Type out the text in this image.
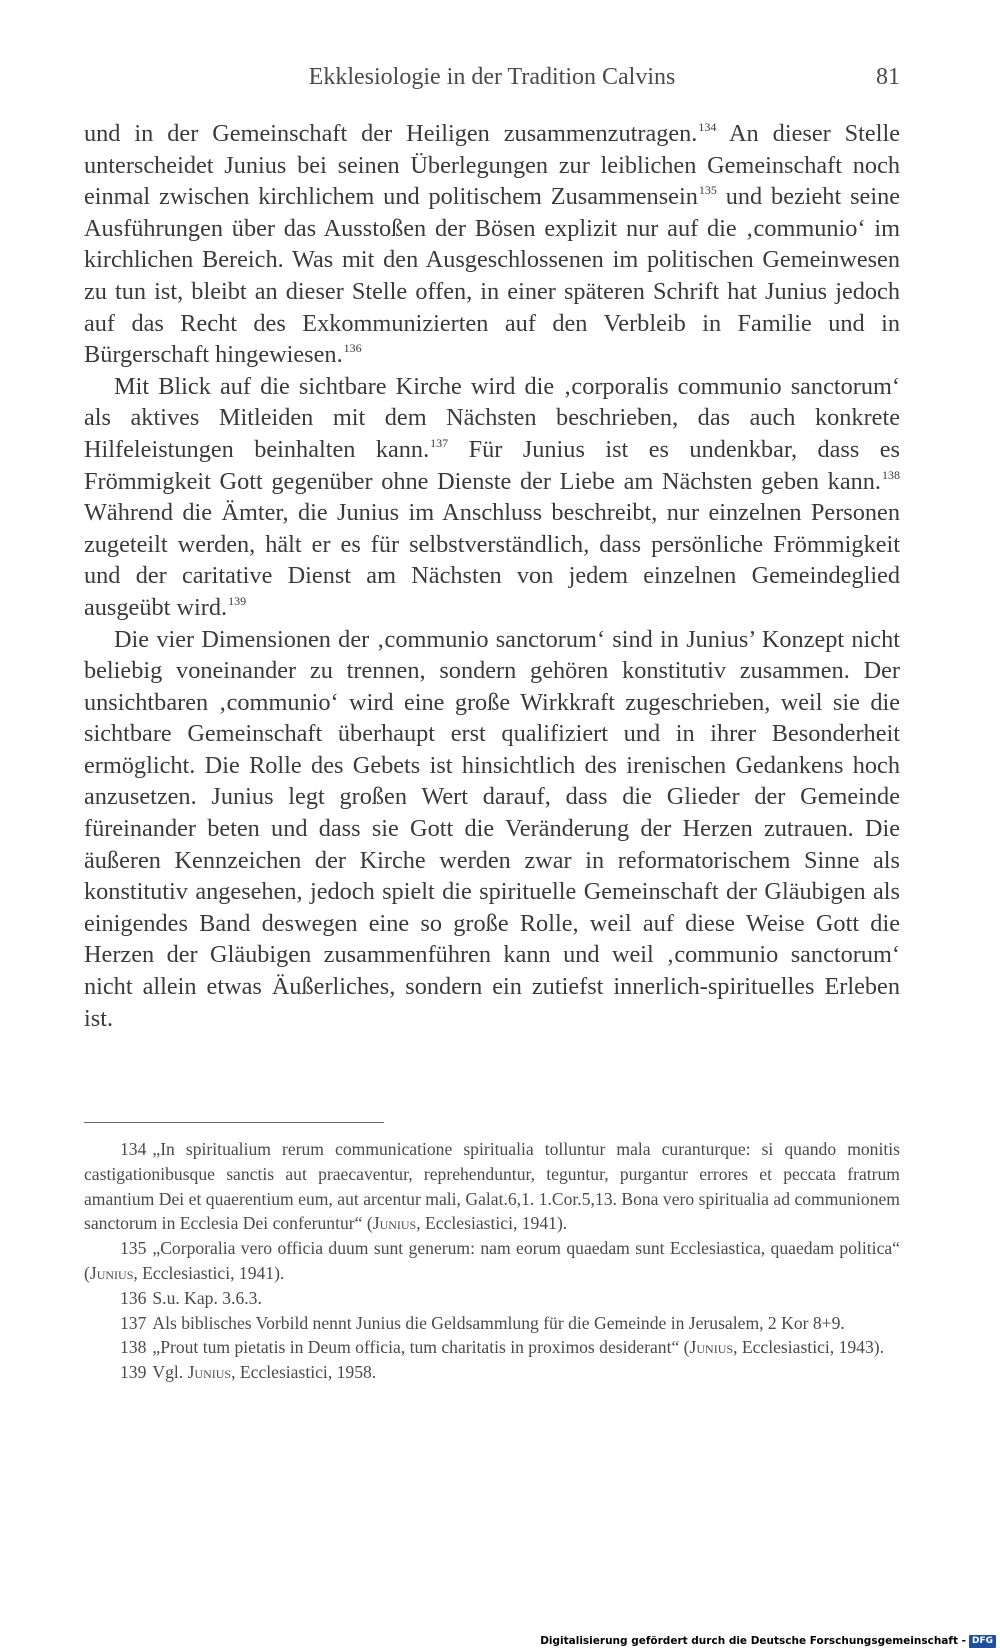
Ekklesiologie in der Tradition Calvins	81

und in der Gemeinschaft der Heiligen zusammenzutragen.$^{134}$ An dieser Stelle unterscheidet Junius bei seinen Überlegungen zur leiblichen Gemeinschaft noch einmal zwischen kirchlichem und politischem Zusammensein$^{135}$ und bezieht seine Ausführungen über das Ausstoßen der Bösen explizit nur auf die ‚communio‘ im kirchlichen Bereich. Was mit den Ausgeschlossenen im politischen Gemeinwesen zu tun ist, bleibt an dieser Stelle offen, in einer späteren Schrift hat Junius jedoch auf das Recht des Exkommunizierten auf den Verbleib in Familie und in Bürgerschaft hingewiesen.$^{136}$

Mit Blick auf die sichtbare Kirche wird die ‚corporalis communio sanctorum‘ als aktives Mitleiden mit dem Nächsten beschrieben, das auch konkrete Hilfeleistungen beinhalten kann.$^{137}$ Für Junius ist es undenkbar, dass es Frömmigkeit Gott gegenüber ohne Dienste der Liebe am Nächsten geben kann.$^{138}$ Während die Ämter, die Junius im Anschluss beschreibt, nur einzelnen Personen zugeteilt werden, hält er es für selbstverständlich, dass persönliche Frömmigkeit und der caritative Dienst am Nächsten von jedem einzelnen Gemeindeglied ausgeübt wird.$^{139}$

Die vier Dimensionen der ‚communio sanctorum‘ sind in Junius’ Konzept nicht beliebig voneinander zu trennen, sondern gehören konstitutiv zusammen. Der unsichtbaren ‚communio‘ wird eine große Wirkkraft zugeschrieben, weil sie die sichtbare Gemeinschaft überhaupt erst qualifiziert und in ihrer Besonderheit ermöglicht. Die Rolle des Gebets ist hinsichtlich des irenischen Gedankens hoch anzusetzen. Junius legt großen Wert darauf, dass die Glieder der Gemeinde füreinander beten und dass sie Gott die Veränderung der Herzen zutrauen. Die äußeren Kennzeichen der Kirche werden zwar in reformatorischem Sinne als konstitutiv angesehen, jedoch spielt die spirituelle Gemeinschaft der Gläubigen als einigendes Band deswegen eine so große Rolle, weil auf diese Weise Gott die Herzen der Gläubigen zusammenführen kann und weil ‚communio sanctorum‘ nicht allein etwas Äußerliches, sondern ein zutiefst innerlich-spirituelles Erleben ist.

134 „In spiritualium rerum communicatione spiritualia tolluntur mala curanturque: si quando monitis castigationibusque sanctis aut praecaventur, reprehenduntur, teguntur, purgantur errores et peccata fratrum amantium Dei et quaerentium eum, aut arcentur mali, Galat.6,1. 1.Cor.5,13. Bona vero spiritualia ad communionem sanctorum in Ecclesia Dei conferuntur“ (Junius, Ecclesiastici, 1941).

135 „Corporalia vero officia duum sunt generum: nam eorum quaedam sunt Ecclesiastica, quaedam politica“ (Junius, Ecclesiastici, 1941).

136 S.u. Kap. 3.6.3.

137 Als biblisches Vorbild nennt Junius die Geldsammlung für die Gemeinde in Jerusalem, 2 Kor 8+9.

138 „Prout tum pietatis in Deum officia, tum charitatis in proximos desiderant“ (Junius, Ecclesiastici, 1943).

139 Vgl. Junius, Ecclesiastici, 1958.

Digitalisierung gefördert durch die Deutsche Forschungsgemeinschaft - DFG
